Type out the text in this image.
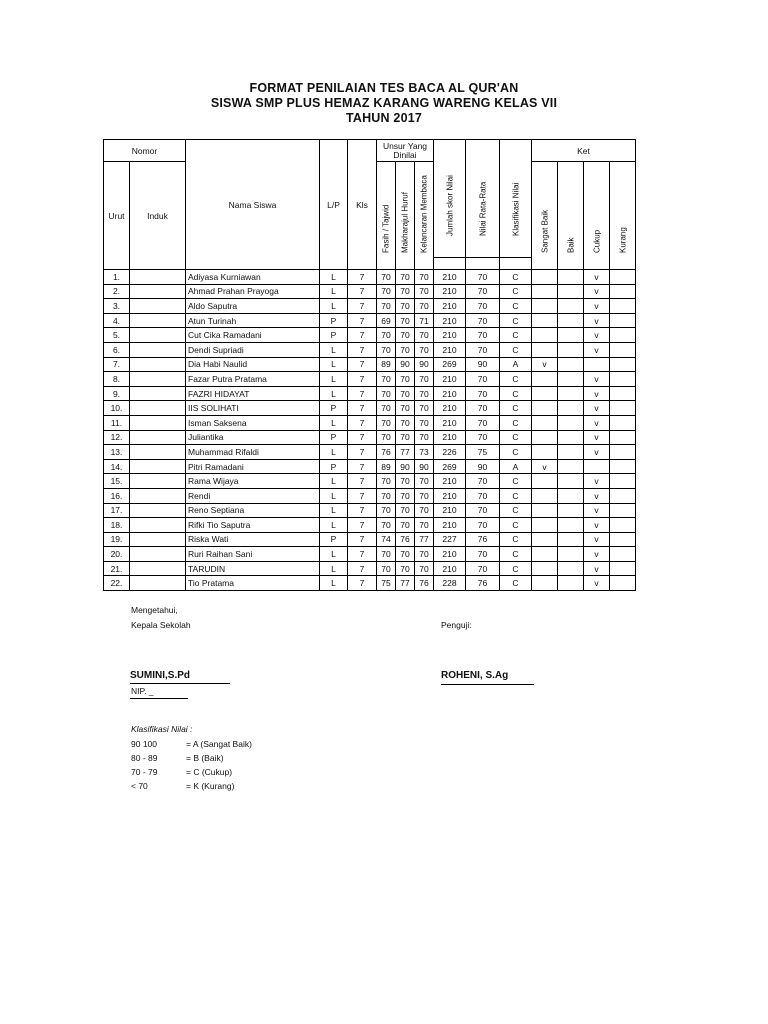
FORMAT PENILAIAN TES BACA AL QUR'AN
SISWA SMP PLUS HEMAZ KARANG WARENG KELAS VII
TAHUN 2017
Nomor		Nama Siswa	L/P	Kls	Unsur Yang Dinilai			Jumlah skor Nilai	Nilai Rata-Rata	Klasifikasi Nilai	Ket			
Urut	Induk				Fasih / Tajwid	Makharajul Huruf	Kelancaran Membaca				Sangat Baik	Baik	Cukup	Kurang

1.		Adiyasa Kurniawan	L	7	70	70	70	210	70	C			v	
2.		Ahmad Prahan Prayoga	L	7	70	70	70	210	70	C			v	
3.		Aldo Saputra	L	7	70	70	70	210	70	C			v	
4.		Atun Turinah	P	7	69	70	71	210	70	C			v	
5.		Cut Cika Ramadani	P	7	70	70	70	210	70	C			v	
6.		Dendi Supriadi	L	7	70	70	70	210	70	C			v	
7.		Dia Habi Naulid	L	7	89	90	90	269	90	A	v			
8.		Fazar Putra Pratama	L	7	70	70	70	210	70	C			v	
9.		FAZRI HIDAYAT	L	7	70	70	70	210	70	C			v	
10.		IIS SOLIHATI	P	7	70	70	70	210	70	C			v	
11.		Isman Saksena	L	7	70	70	70	210	70	C			v	
12.		Juliantika	P	7	70	70	70	210	70	C			v	
13.		Muhammad Rifaldi	L	7	76	77	73	226	75	C			v	
14.		Pitri Ramadani	P	7	89	90	90	269	90	A	v			
15.		Rama Wijaya	L	7	70	70	70	210	70	C			v	
16.		Rendi	L	7	70	70	70	210	70	C			v	
17.		Reno Septiana	L	7	70	70	70	210	70	C			v	
18.		Rifki Tio Saputra	L	7	70	70	70	210	70	C			v	
19.		Riska Wati	P	7	74	76	77	227	76	C			v	
20.		Ruri Raihan Sani	L	7	70	70	70	210	70	C			v	
21.		TARUDIN	L	7	70	70	70	210	70	C			v	
22.		Tio Pratama	L	7	75	77	76	228	76	C			v	
Mengetahui,
Kepala Sekolah	Penguji:
SUMINI,S.Pd
NIP. _
ROHENI, S.Ag
Klasifikasi Nilai :
90 100	= A (Sangat Baik)
80 - 89	= B (Baik)
70 - 79	= C (Cukup)
< 70	= K (Kurang)
